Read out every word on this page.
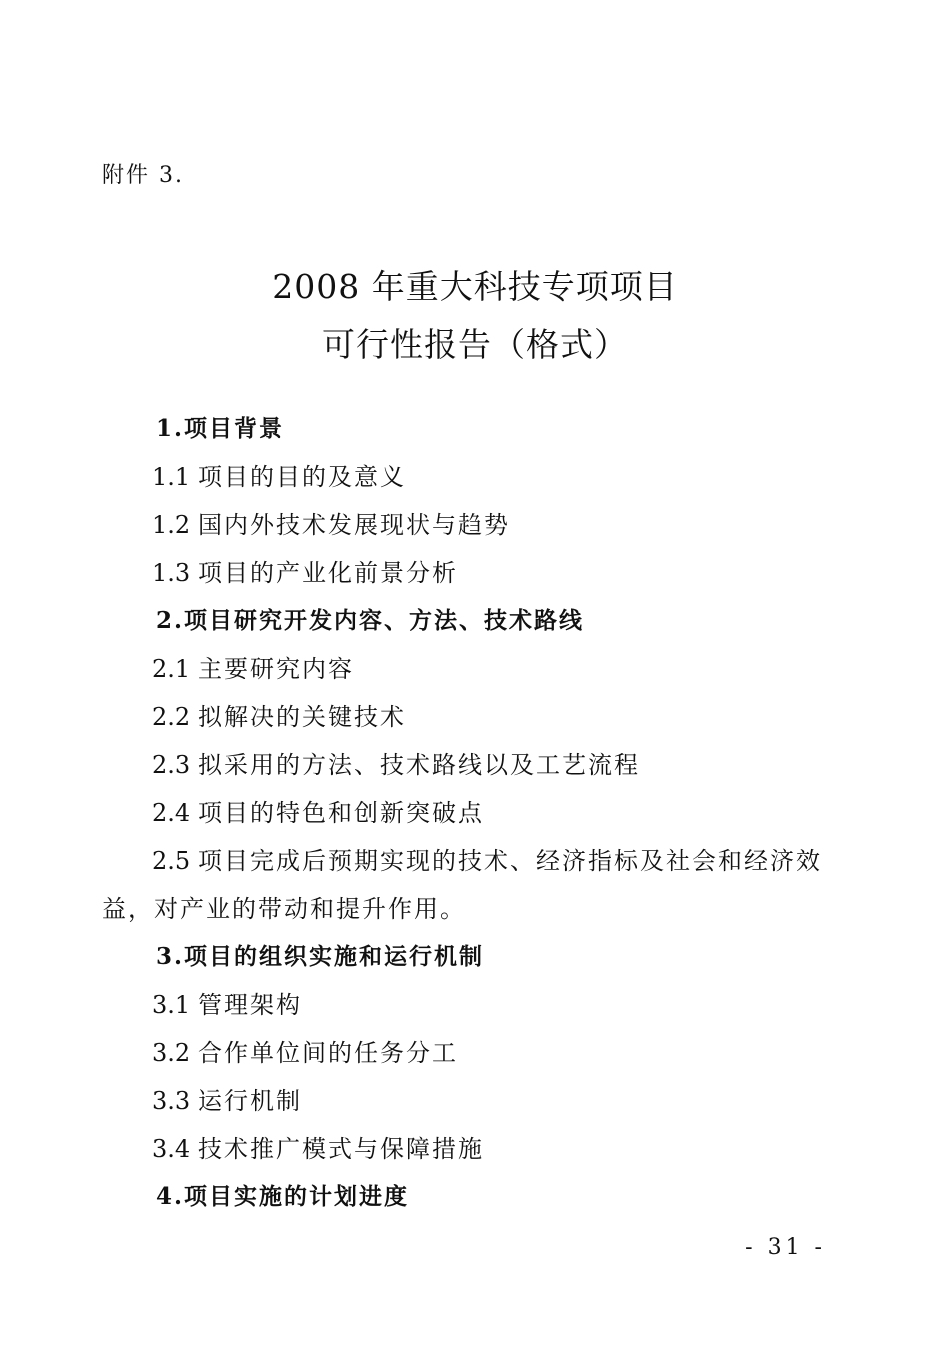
附件 3.
2008 年重大科技专项项目
可行性报告（格式）
1.项目背景
1.1 项目的目的及意义
1.2 国内外技术发展现状与趋势
1.3 项目的产业化前景分析
2.项目研究开发内容、方法、技术路线
2.1 主要研究内容
2.2 拟解决的关键技术
2.3 拟采用的方法、技术路线以及工艺流程
2.4 项目的特色和创新突破点
2.5 项目完成后预期实现的技术、经济指标及社会和经济效
益，对产业的带动和提升作用。
3.项目的组织实施和运行机制
3.1 管理架构
3.2 合作单位间的任务分工
3.3 运行机制
3.4 技术推广模式与保障措施
4.项目实施的计划进度
- 31 -
